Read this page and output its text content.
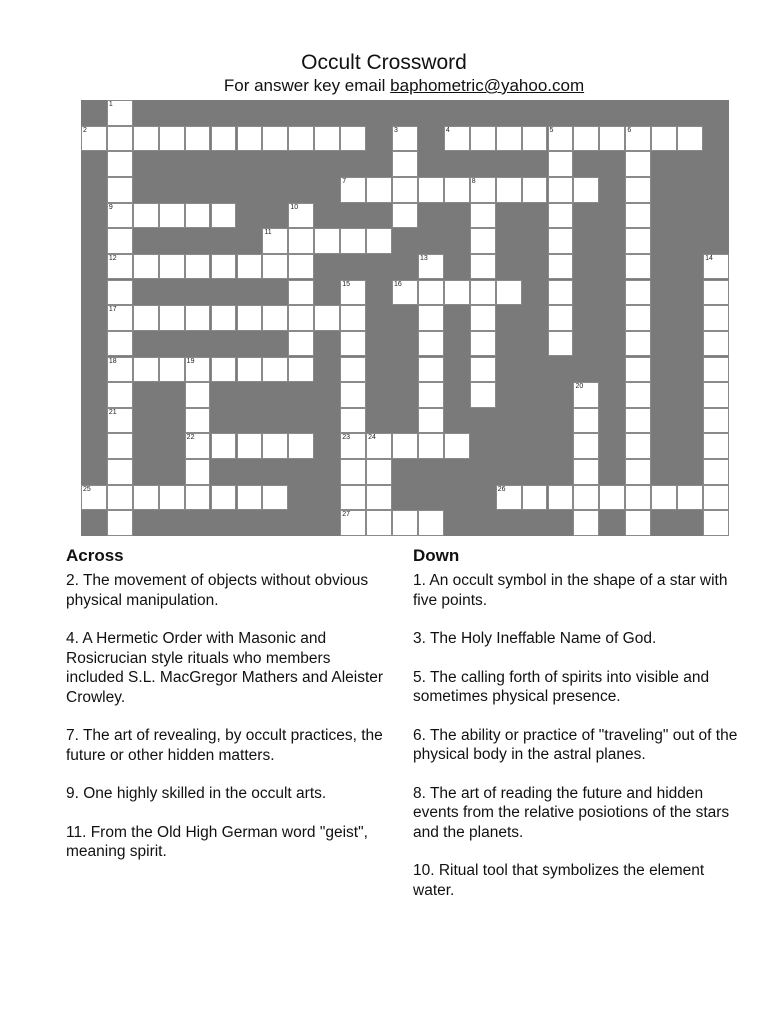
Occult Crossword
For answer key email baphometric@yahoo.com
2	4	5	6
7	8
9
11
12
16
17
18	19
22	23	24
25	26
27
1
21
3
10
13	14
15
20
Across
2. The movement of objects without obvious physical manipulation.
4. A Hermetic Order with Masonic and Rosicrucian style rituals who members included S.L. MacGregor Mathers and Aleister Crowley.
7. The art of revealing, by occult practices, the future or other hidden matters.
9. One highly skilled in the occult arts.
11. From the Old High German word "geist", meaning spirit.
Down
1. An occult symbol in the shape of a star with five points.
3. The Holy Ineffable Name of God.
5. The calling forth of spirits into visible and sometimes physical presence.
6. The ability or practice of "traveling" out of the physical body in the astral planes.
8. The art of reading the future and hidden events from the relative posiotions of the stars and the planets.
10. Ritual tool that symbolizes the element water.
